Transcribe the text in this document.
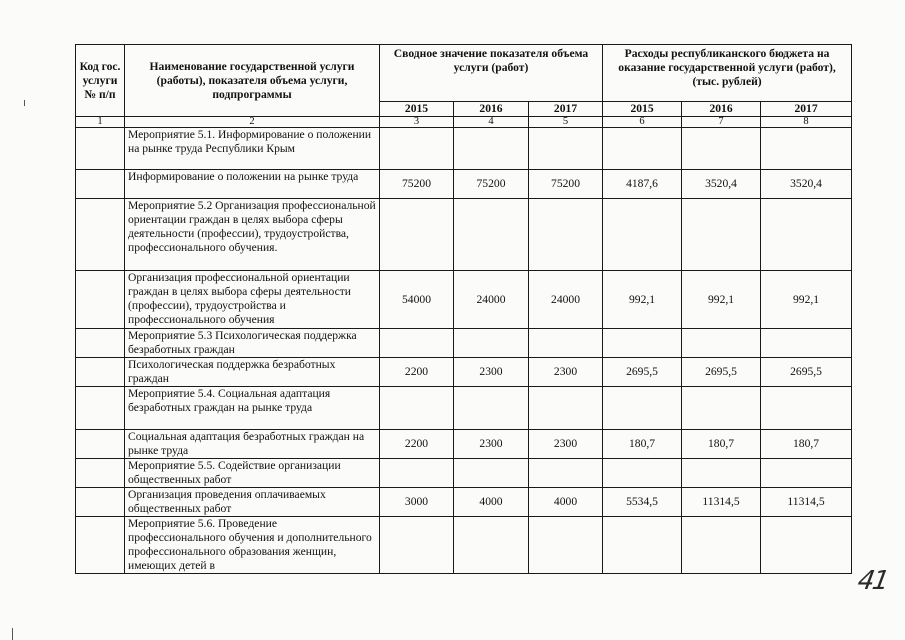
Код гос. услуги № п/п	Наименование государственной услуги (работы), показателя объема услуги, подпрограммы	Сводное значение показателя объема услуги (работ)			Расходы республиканского бюджета на оказание государственной услуги (работ), (тыс. рублей)		
		2015	2016	2017	2015	2016	2017
1	2	3	4	5	6	7	8
	Мероприятие 5.1. Информирование о положении на рынке труда Республики Крым						
	Информирование о положении на рынке труда	75200	75200	75200	4187,6	3520,4	3520,4
	Мероприятие 5.2 Организация профессиональной ориентации граждан в целях выбора сферы деятельности (профессии), трудоустройства, профессионального обучения.						
	Организация профессиональной ориентации граждан в целях выбора сферы деятельности (профессии), трудоустройства и профессионального обучения	54000	24000	24000	992,1	992,1	992,1
	Мероприятие 5.3 Психологическая поддержка безработных граждан						
	Психологическая поддержка безработных граждан	2200	2300	2300	2695,5	2695,5	2695,5
	Мероприятие 5.4. Социальная адаптация безработных граждан на рынке труда						
	Социальная адаптация безработных граждан на рынке труда	2200	2300	2300	180,7	180,7	180,7
	Мероприятие 5.5. Содействие организации общественных работ						
	Организация проведения оплачиваемых общественных работ	3000	4000	4000	5534,5	11314,5	11314,5
	Мероприятие 5.6. Проведение профессионального обучения и дополнительного профессионального образования женщин, имеющих детей в						
41
